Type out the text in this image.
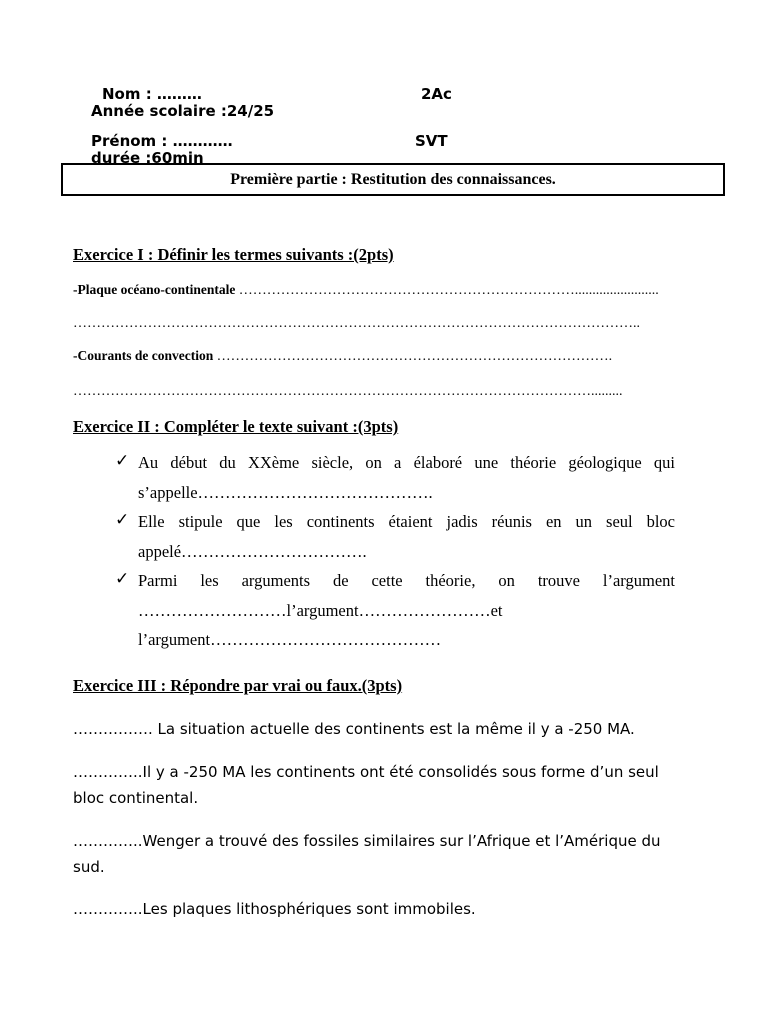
Nom : ………	2Ac
Année scolaire :24/25
Prénom : …………	SVT
durée :60min
Première partie : Restitution des connaissances.
Exercice I : Définir les termes suivants :(2pts)
-Plaque océano-continentale ………………………………………………………………........................
…………………………………………………………………………………………………………..
-Courants de convection ………………………………………………………………………….
………………………………………………………………………………………………….........
Exercice II : Compléter le texte suivant :(3pts)
✓ Au début du XXème siècle, on a élaboré une théorie géologique qui
s’appelle…………………………………….
✓ Elle stipule que les continents étaient jadis réunis en un seul bloc
appelé…………………………….
✓ Parmi les arguments de cette théorie, on trouve l’argument
………………………l’argument……………………et
l’argument……………………………………
Exercice III : Répondre par vrai ou faux.(3pts)
……………. La situation actuelle des continents est la même il y a -250 MA.
…………..Il y a -250 MA les continents ont été consolidés sous forme d’un seul bloc continental.
…………..Wenger a trouvé des fossiles similaires sur l’Afrique et l’Amérique du sud.
…………..Les plaques lithosphériques sont immobiles.
